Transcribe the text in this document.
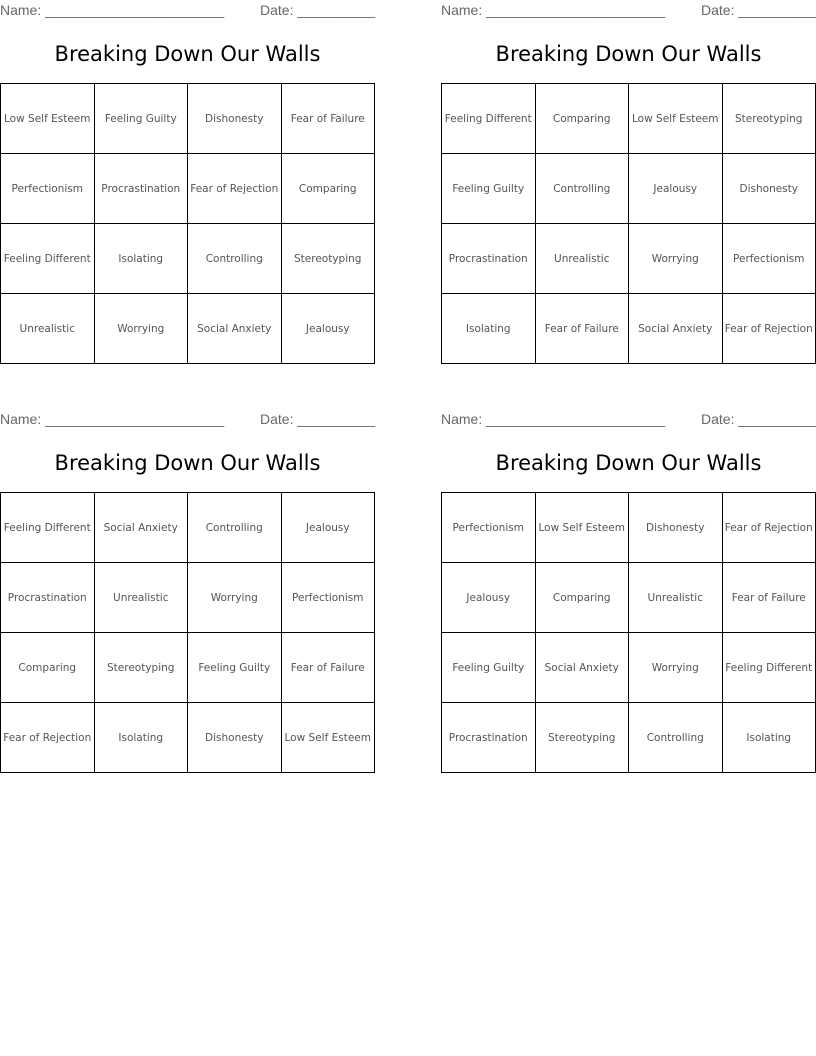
Name: _______________________	Date: __________
Breaking Down Our Walls
Low Self Esteem	Feeling Guilty	Dishonesty	Fear of Failure
Perfectionism	Procrastination	Fear of Rejection	Comparing
Feeling Different	Isolating	Controlling	Stereotyping
Unrealistic	Worrying	Social Anxiety	Jealousy
Name: _______________________	Date: __________
Breaking Down Our Walls
Feeling Different	Comparing	Low Self Esteem	Stereotyping
Feeling Guilty	Controlling	Jealousy	Dishonesty
Procrastination	Unrealistic	Worrying	Perfectionism
Isolating	Fear of Failure	Social Anxiety	Fear of Rejection
Name: _______________________	Date: __________
Breaking Down Our Walls
Feeling Different	Social Anxiety	Controlling	Jealousy
Procrastination	Unrealistic	Worrying	Perfectionism
Comparing	Stereotyping	Feeling Guilty	Fear of Failure
Fear of Rejection	Isolating	Dishonesty	Low Self Esteem
Name: _______________________	Date: __________
Breaking Down Our Walls
Perfectionism	Low Self Esteem	Dishonesty	Fear of Rejection
Jealousy	Comparing	Unrealistic	Fear of Failure
Feeling Guilty	Social Anxiety	Worrying	Feeling Different
Procrastination	Stereotyping	Controlling	Isolating
